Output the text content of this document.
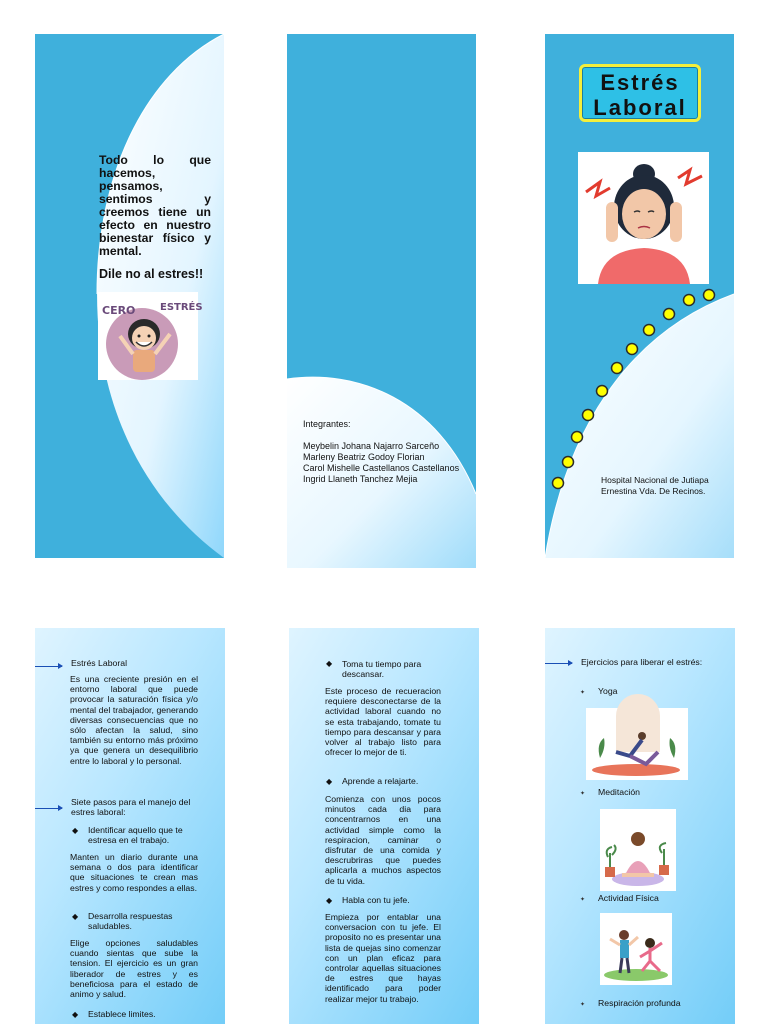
Todo lo que hacemos, pensamos, sentimos y creemos tiene un efecto en nuestro bienestar físico y mental.
Dile no al estres!!
CERO ESTRÉS
Integrantes:
Meybelin Johana Najarro Sarceño
Marleny Beatriz Godoy Florian
Carol Mishelle Castellanos Castellanos
Ingrid Llaneth Tanchez Mejia
Estrés
Laboral
Hospital Nacional de Jutiapa
Ernestina Vda. De Recinos.
Estrés Laboral
Es una creciente presión en el entorno laboral que puede provocar la saturación física y/o mental del trabajador, generando diversas consecuencias que no sólo afectan la salud, sino también su entorno más próximo ya que genera un desequilibrio entre lo laboral y lo personal.
Siete pasos para el manejo del estres laboral:
◆ Identificar aquello que te estresa en el trabajo.
Manten un diario durante una semana o dos para identificar que situaciones te crean mas estres y como respondes a ellas.
◆ Desarrolla respuestas saludables.
Elige opciones saludables cuando sientas que sube la tension. El ejercicio es un gran liberador de estres y es beneficiosa para el estado de animo y salud.
◆ Establece limites.
◆ Toma tu tiempo para descansar.
Este proceso de recueracion requiere desconectarse de la actividad laboral cuando no se esta trabajando, tomate tu tiempo para descansar y para volver al trabajo listo para ofrecer lo mejor de ti.
◆ Aprende a relajarte.
Comienza con unos pocos minutos cada dia para concentrarnos en una actividad simple como la respiracion, caminar o disfrutar de una comida y descrubriras que puedes aplicarla a muchos aspectos de tu vida.
◆ Habla con tu jefe.
Empieza por entablar una conversacion con tu jefe. El proposito no es presentar una lista de quejas sino comenzar con un plan eficaz para controlar aquellas situaciones de estres que hayas identificado para poder realizar mejor tu trabajo.
Ejercicios para liberar el estrés:
✦ Yoga
✦ Meditación
✦ Actividad Física
✦ Respiración profunda
